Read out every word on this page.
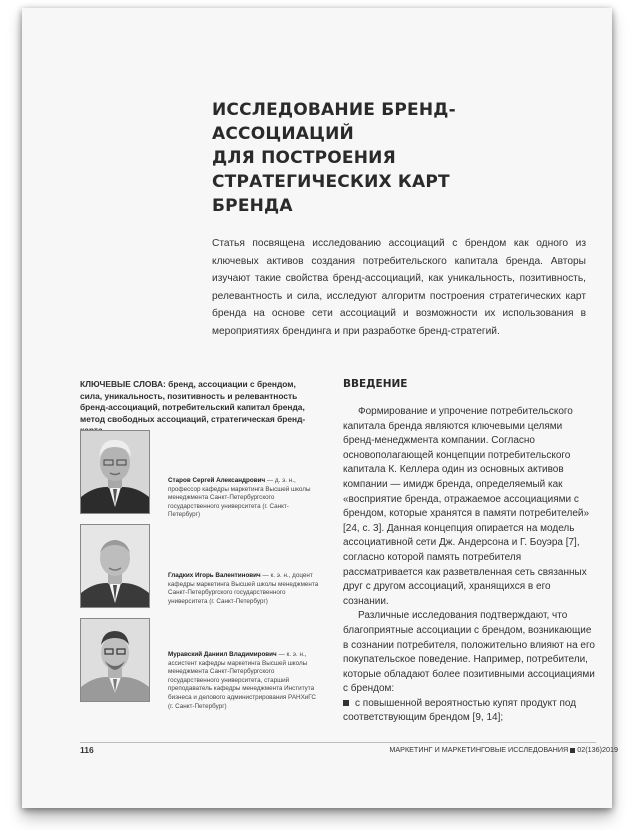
ИССЛЕДОВАНИЕ БРЕНД-АССОЦИАЦИЙ
ДЛЯ ПОСТРОЕНИЯ СТРАТЕГИЧЕСКИХ КАРТ
БРЕНДА

Статья посвящена исследованию ассоциаций с брендом как одного из ключевых активов создания потребительского капитала бренда. Авторы изучают такие свойства бренд-ассоциаций, как уникальность, позитивность, релевантность и сила, исследуют алгоритм построения стратегических карт бренда на основе сети ассоциаций и возможности их использования в мероприятиях брендинга и при разработке бренд-стратегий.

КЛЮЧЕВЫЕ СЛОВА: бренд, ассоциации с брендом, сила, уникальность, позитивность и релевантность бренд-ассоциаций, потребительский капитал бренда, метод свободных ассоциаций, стратегическая бренд-

Старов Сергей Александрович — д. э. н., профессор кафедры маркетинга Высшей школы менеджмента Санкт-Петербургского государственного университета (г. Санкт-Петербург)

Гладких Игорь Валентинович — к. э. н., доцент кафедры маркетинга Высшей школы менеджмента Санкт-Петербургского государственного университета (г. Санкт-Петербург)

Муравский Даниил Владимирович — к. э. н., ассистент кафедры маркетинга Высшей школы менеджмента Санкт-Петербургского государственного университета, старший преподаватель кафедры менеджмента Института бизнеса и делового администрирования РАНХиГС (г. Санкт-Петербург)

ВВЕДЕНИЕ

Формирование и упрочение потребительского капитала бренда являются ключевыми целями бренд-менеджмента компании. Согласно основополагающей концепции потребительского капитала К. Келлера один из основных активов компании — имидж бренда, определяемый как «восприятие бренда, отражаемое ассоциациями с брендом, которые хранятся в памяти потребителей» [24, с. 3]. Данная концепция опирается на модель ассоциативной сети Дж. Андерсона и Г. Боуэра [7], согласно которой память потребителя рассматривается как разветвленная сеть связанных друг с другом ассоциаций, хранящихся в его сознании.

Различные исследования подтверждают, что благоприятные ассоциации с брендом, возникающие в сознании потребителя, положительно влияют на его покупательское поведение. Например, потребители, которые обладают более позитивными ассоциациями с брендом:

с повышенной вероятностью купят продукт под соответствующим брендом [9, 14];
116	МАРКЕТИНГ И МАРКЕТИНГОВЫЕ ИССЛЕДОВАНИЯ 02(136)2019
